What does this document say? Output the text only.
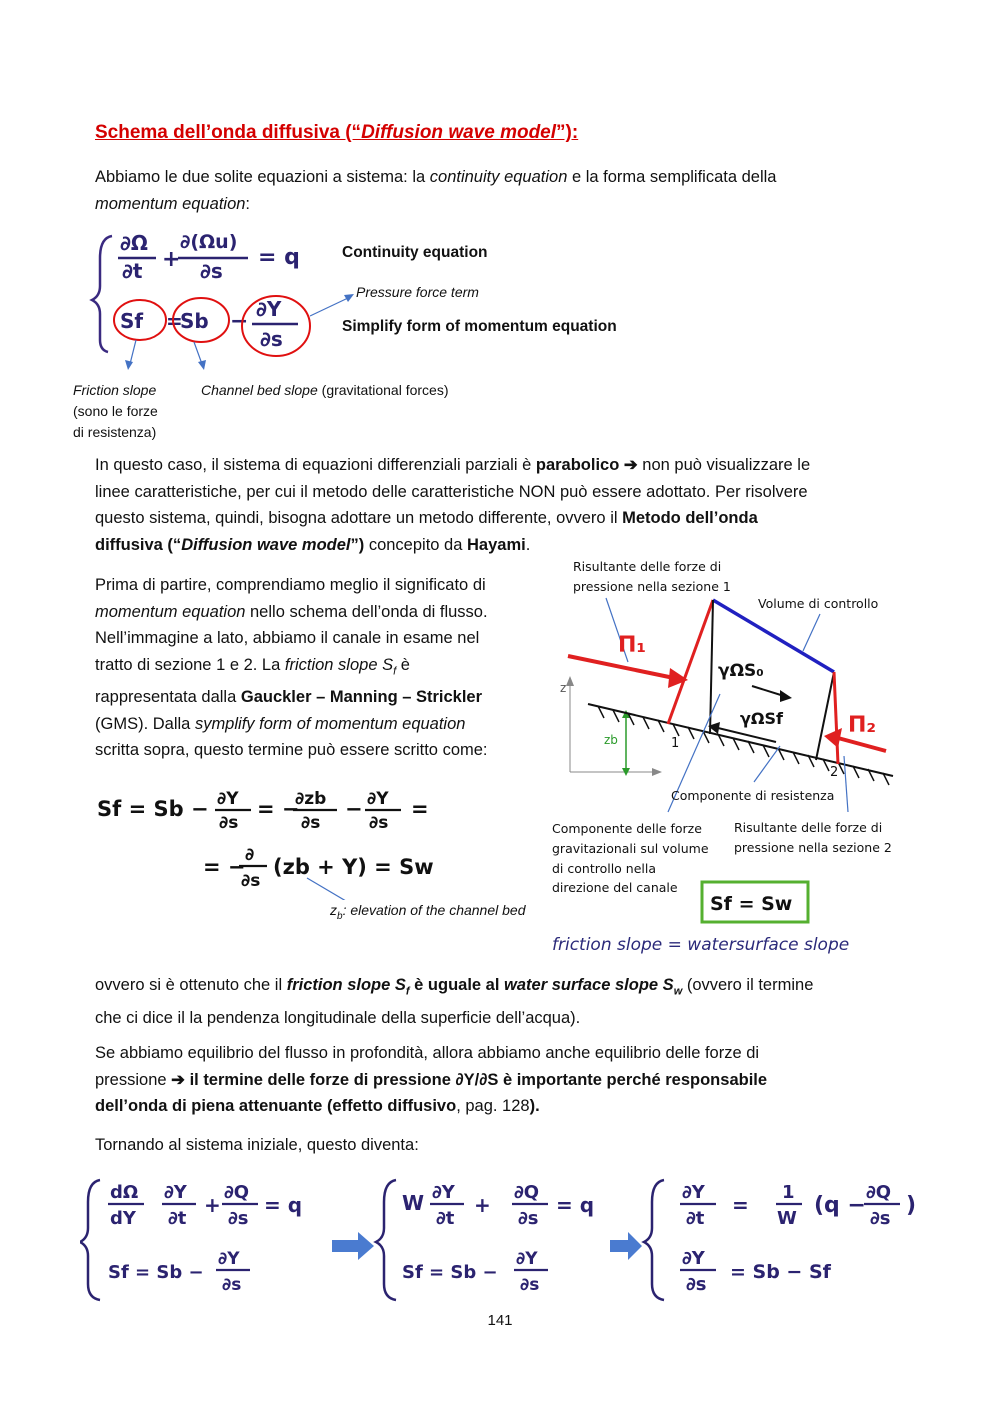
Schema dell’onda diffusiva (“Diffusion wave model”):
Abbiamo le due solite equazioni a sistema: la continuity equation e la forma semplificata della
momentum equation:
∂Ω
∂t +
∂(Ωu)
∂s
= q
Sf =
Sb − ∂Y
∂s
Continuity equation
Pressure force term
Simplify form of momentum equation
Friction slope
(sono le forze
di resistenza)
Channel bed slope (gravitational forces)
In questo caso, il sistema di equazioni differenziali parziali è parabolico ➔ non può visualizzare le
linee caratteristiche, per cui il metodo delle caratteristiche NON può essere adottato. Per risolvere
questo sistema, quindi, bisogna adottare un metodo differente, ovvero il Metodo dell’onda
diffusiva (“Diffusion wave model”) concepito da Hayami.
Prima di partire, comprendiamo meglio il significato di
momentum equation nello schema dell’onda di flusso.
Nell’immagine a lato, abbiamo il canale in esame nel
tratto di sezione 1 e 2. La friction slope $S_f$ è
rappresentata dalla Gauckler – Manning – Strickler
(GMS). Dalla symplify form of momentum equation
scritta sopra, questo termine può essere scritto come:
Sf = Sb − ∂Y
∂s
= −
∂zb
∂s
− ∂Y
∂s
=
= − ∂
∂s
(zb + Y) = Sw
$z_b$: elevation of the channel bed
Risultante delle forze di
pressione nella sezione 1
Volume di controllo
z
zb
Π₁
Π₂
γΩS₀
γΩSf
1
2
Componente di resistenza
Componente delle forze
gravitazionali sul volume
di controllo nella
direzione del canale
Risultante delle forze di
pressione nella sezione 2
Sf = Sw
friction slope = watersurface slope
ovvero si è ottenuto che il friction slope $S_f$ è uguale al water surface slope $S_w$ (ovvero il termine
che ci dice il la pendenza longitudinale della superficie dell’acqua).
Se abbiamo equilibrio del flusso in profondità, allora abbiamo anche equilibrio delle forze di
pressione ➔ il termine delle forze di pressione ∂Y/∂S è importante perché responsabile
dell’onda di piena attenuante (effetto diffusivo, pag. 128).
Tornando al sistema iniziale, questo diventa:
dΩ
dY
∂Y
∂t
+
∂Q
∂s
= q
Sf = Sb −
∂Y
∂s
W ∂Y
∂t
+
∂Q
∂s
= q
Sf = Sb −
∂Y
∂s
∂Y
∂t
=
1
W
(q −
∂Q
∂s
)
∂Y
∂s
= Sb − Sf
141
